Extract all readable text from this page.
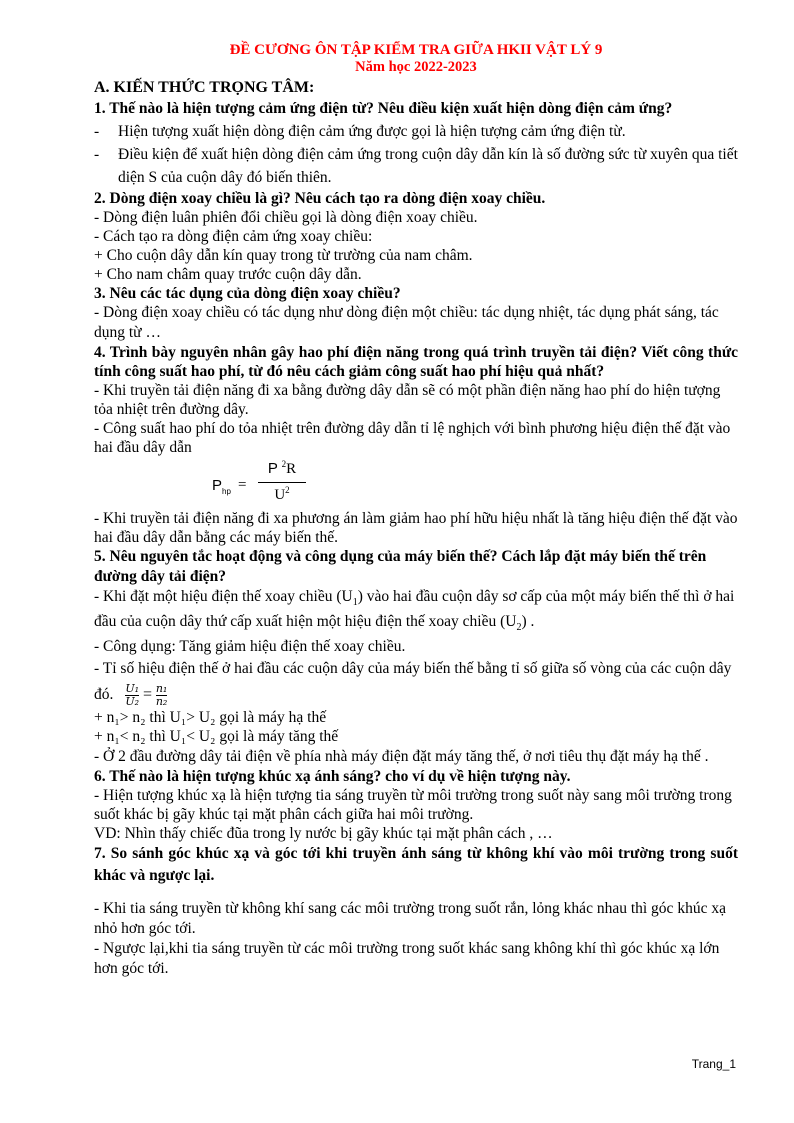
ĐỀ CƯƠNG ÔN TẬP KIỂM TRA GIỮA HKII VẬT LÝ 9
Năm học 2022-2023
A. KIẾN THỨC TRỌNG TÂM:
1. Thế nào là hiện tượng cảm ứng điện từ? Nêu điều kiện xuất hiện dòng điện cảm ứng?
-	Hiện tượng xuất hiện dòng điện cảm ứng được gọi là hiện tượng cảm ứng điện từ.
-	Điều kiện để xuất hiện dòng điện cảm ứng trong cuộn dây dẫn kín là số đường sức từ xuyên qua tiết diện S của cuộn dây đó biến thiên.
2. Dòng điện xoay chiều là gì? Nêu cách tạo ra dòng điện xoay chiều.
- Dòng điện luân phiên đổi chiều gọi là dòng điện xoay chiều.
- Cách tạo ra dòng điện cảm ứng xoay chiều:
+ Cho cuộn dây dẫn kín quay trong từ trường của nam châm.
+ Cho nam châm quay trước cuộn dây dẫn.
3. Nêu các tác dụng của dòng điện xoay chiều?
- Dòng điện xoay chiều có tác dụng như dòng điện một chiều: tác dụng nhiệt, tác dụng phát sáng, tác dụng từ …
4. Trình bày nguyên nhân gây hao phí điện năng trong quá trình truyền tải điện? Viết công thức tính công suất hao phí, từ đó nêu cách giảm công suất hao phí hiệu quả nhất?
- Khi truyền tải điện năng đi xa bằng đường dây dẫn sẽ có một phần điện năng hao phí do hiện tượng tỏa nhiệt trên đường dây.
- Công suất hao phí do tỏa nhiệt trên đường dây dẫn tỉ lệ nghịch với bình phương hiệu điện thế đặt vào hai đầu dây dẫn
$P_{hp}$ =
P $^2$R
$U^2$
- Khi truyền tải điện năng đi xa phương án làm giảm hao phí hữu hiệu nhất là tăng hiệu điện thế đặt vào hai đầu dây dẫn bằng các máy biến thế.
5. Nêu nguyên tắc hoạt động và công dụng của máy biến thế? Cách lắp đặt máy biến thế trên đường dây tải điện?
- Khi đặt một hiệu điện thế xoay chiều $(U_1)$ vào hai đầu cuộn dây sơ cấp của một máy biến thế thì ở hai đầu của cuộn dây thứ cấp xuất hiện một hiệu điện thế xoay chiều $(U_2)$ .
- Công dụng: Tăng giảm hiệu điện thế xoay chiều.
- Tỉ số hiệu điện thế ở hai đầu các cuộn dây của máy biến thế bằng tỉ số giữa số vòng của các cuộn dây đó. $\frac{\text{U₁}}{\text{U₂}} = \frac{\text{n₁}}{\text{n₂}}$
+ n₁> n₂ thì U₁> U₂ gọi là máy hạ thế
+ n₁< n₂ thì U₁< U₂ gọi là máy tăng thế
- Ở 2 đầu đường dây tải điện về phía nhà máy điện đặt máy tăng thế, ở nơi tiêu thụ đặt máy hạ thế .
6. Thế nào là hiện tượng khúc xạ ánh sáng? cho ví dụ về hiện tượng này.
- Hiện tượng khúc xạ là hiện tượng tia sáng truyền từ môi trường trong suốt này sang môi trường trong suốt khác bị gãy khúc tại mặt phân cách giữa hai môi trường.
VD: Nhìn thấy chiếc đũa trong ly nước bị gãy khúc tại mặt phân cách , …
7. So sánh góc khúc xạ và góc tới khi truyền ánh sáng từ không khí vào môi trường trong suốt khác và ngược lại.
- Khi tia sáng truyền từ không khí sang các môi trường trong suốt rắn, lỏng khác nhau thì góc khúc xạ nhỏ hơn góc tới.
- Ngược lại,khi tia sáng truyền từ các môi trường trong suốt khác sang không khí thì góc khúc xạ lớn hơn góc tới.
Trang_1
